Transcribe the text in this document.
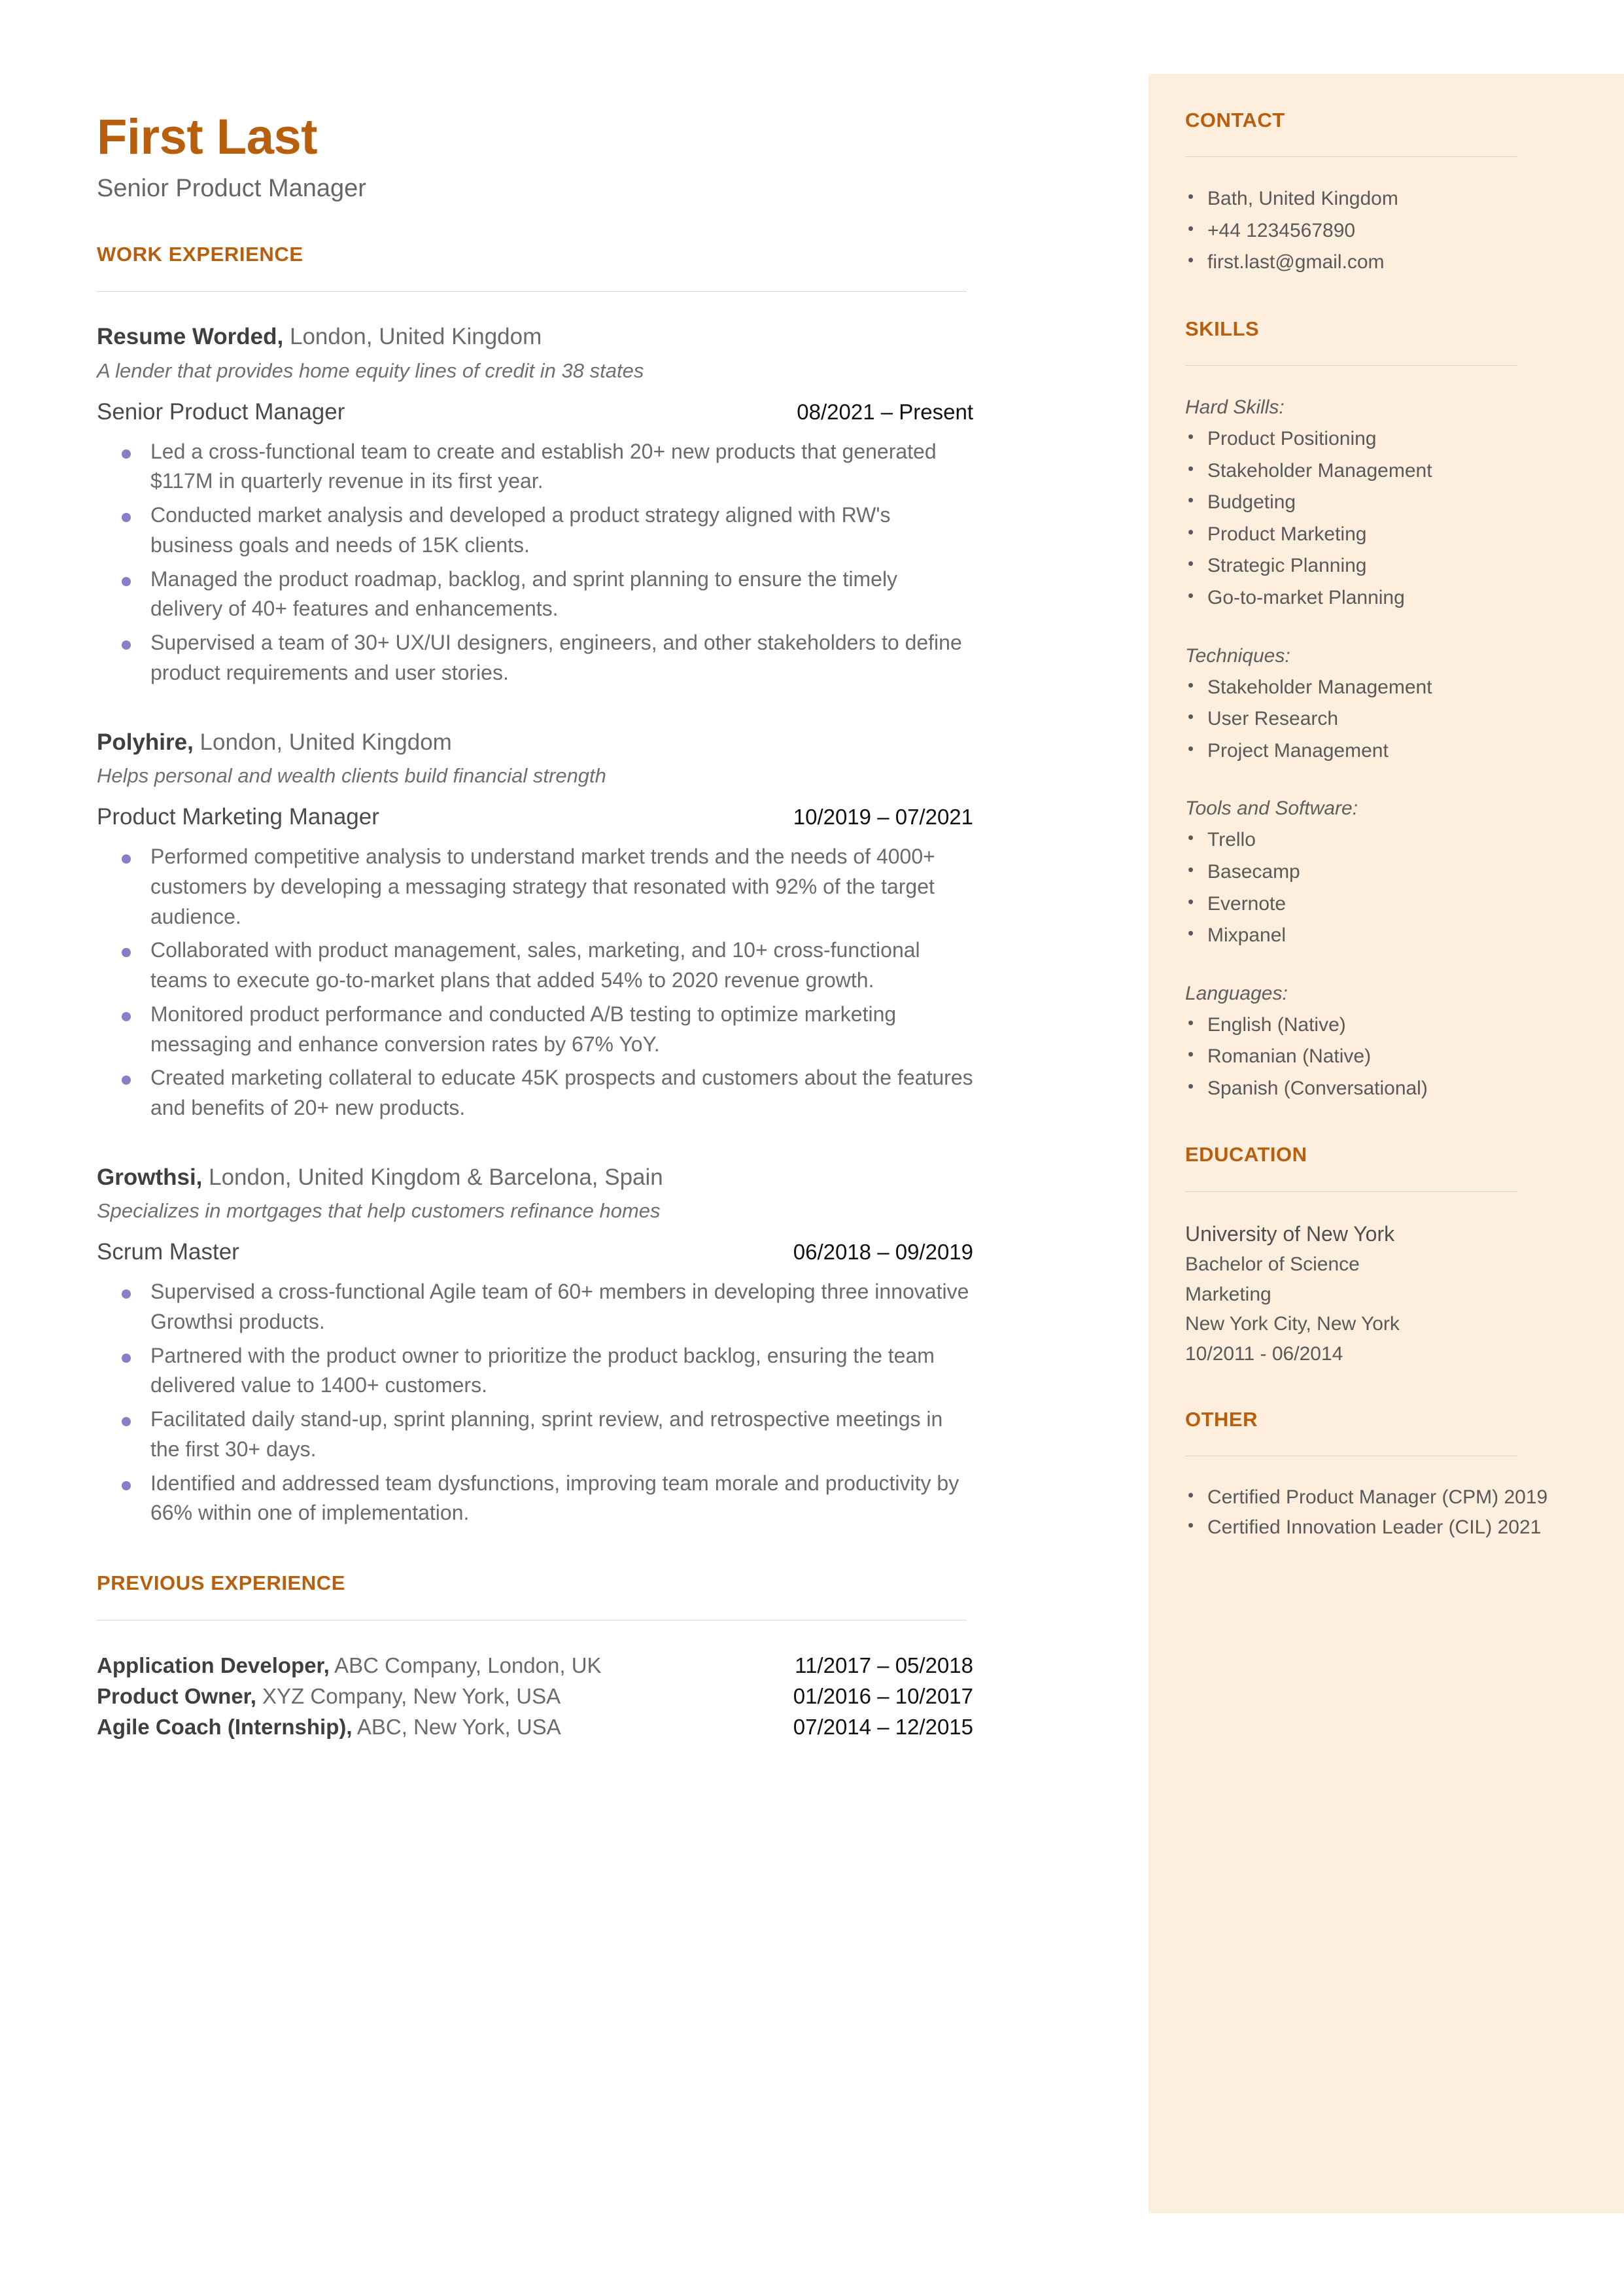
CONTACT
• Bath, United Kingdom
• +44 1234567890
• first.last@gmail.com
SKILLS
Hard Skills:
• Product Positioning
• Stakeholder Management
• Budgeting
• Product Marketing
• Strategic Planning
• Go-to-market Planning
Techniques:
• Stakeholder Management
• User Research
• Project Management
Tools and Software:
• Trello
• Basecamp
• Evernote
• Mixpanel
Languages:
• English (Native)
• Romanian (Native)
• Spanish (Conversational)
EDUCATION
University of New York
Bachelor of Science
Marketing
New York City, New York
10/2011 - 06/2014
OTHER
• Certified Product Manager (CPM) 2019
• Certified Innovation Leader (CIL) 2021
First Last
Senior Product Manager
WORK EXPERIENCE
Resume Worded, London, United Kingdom
A lender that provides home equity lines of credit in 38 states
Senior Product Manager	08/2021 – Present
Led a cross-functional team to create and establish 20+ new products that generated $117M in quarterly revenue in its first year.
Conducted market analysis and developed a product strategy aligned with RW's business goals and needs of 15K clients.
Managed the product roadmap, backlog, and sprint planning to ensure the timely delivery of 40+ features and enhancements.
Supervised a team of 30+ UX/UI designers, engineers, and other stakeholders to define product requirements and user stories.
Polyhire, London, United Kingdom
Helps personal and wealth clients build financial strength
Product Marketing Manager	10/2019 – 07/2021
Performed competitive analysis to understand market trends and the needs of 4000+ customers by developing a messaging strategy that resonated with 92% of the target audience.
Collaborated with product management, sales, marketing, and 10+ cross-functional teams to execute go-to-market plans that added 54% to 2020 revenue growth.
Monitored product performance and conducted A/B testing to optimize marketing messaging and enhance conversion rates by 67% YoY.
Created marketing collateral to educate 45K prospects and customers about the features and benefits of 20+ new products.
Growthsi, London, United Kingdom & Barcelona, Spain
Specializes in mortgages that help customers refinance homes
Scrum Master	06/2018 – 09/2019
Supervised a cross-functional Agile team of 60+ members in developing three innovative Growthsi products.
Partnered with the product owner to prioritize the product backlog, ensuring the team delivered value to 1400+ customers.
Facilitated daily stand-up, sprint planning, sprint review, and retrospective meetings in the first 30+ days.
Identified and addressed team dysfunctions, improving team morale and productivity by 66% within one of implementation.
PREVIOUS EXPERIENCE
Application Developer, ABC Company, London, UK	11/2017 – 05/2018
Product Owner, XYZ Company, New York, USA	01/2016 – 10/2017
Agile Coach (Internship), ABC, New York, USA	07/2014 – 12/2015
